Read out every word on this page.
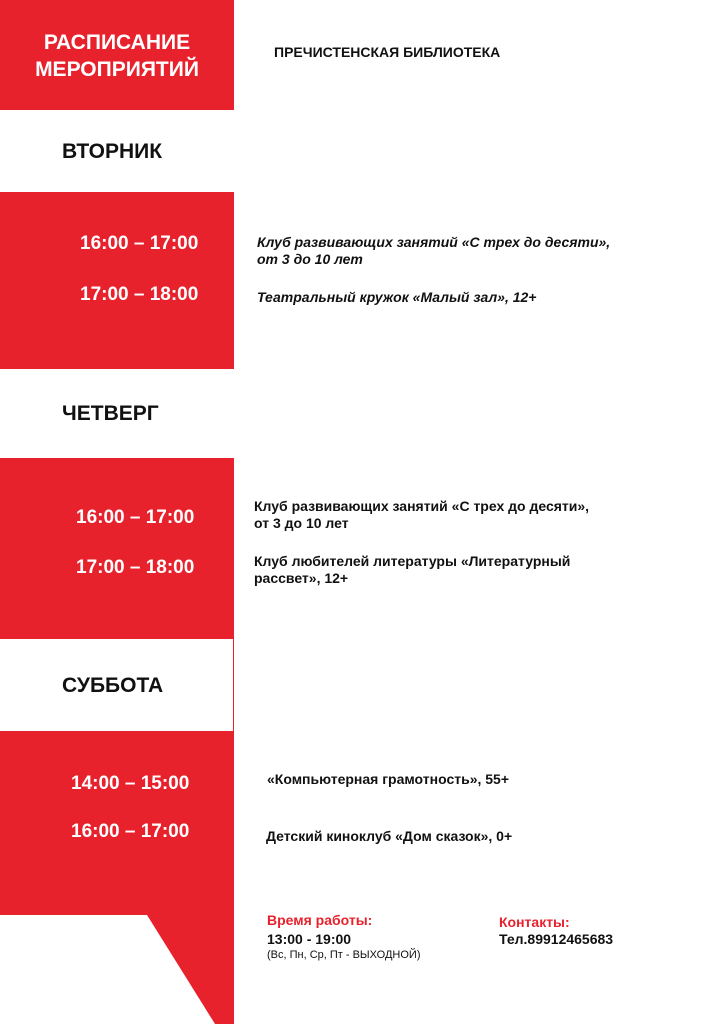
РАСПИСАНИЕ
МЕРОПРИЯТИЙ
ПРЕЧИСТЕНСКАЯ БИБЛИОТЕКА
ВТОРНИК
16:00 – 17:00
17:00 – 18:00
Клуб развивающих занятий «С трех до десяти»,
от 3 до 10 лет
Театральный кружок «Малый зал», 12+
ЧЕТВЕРГ
16:00 – 17:00
17:00 – 18:00
Клуб развивающих занятий «С трех до десяти»,
от 3 до 10 лет
Клуб любителей литературы «Литературный
рассвет», 12+
СУББОТА
14:00 – 15:00
16:00 – 17:00
«Компьютерная грамотность», 55+
Детский киноклуб «Дом сказок», 0+
Время работы:
13:00 - 19:00
(Вс, Пн, Ср, Пт - ВЫХОДНОЙ)
Контакты:
Тел.89912465683
